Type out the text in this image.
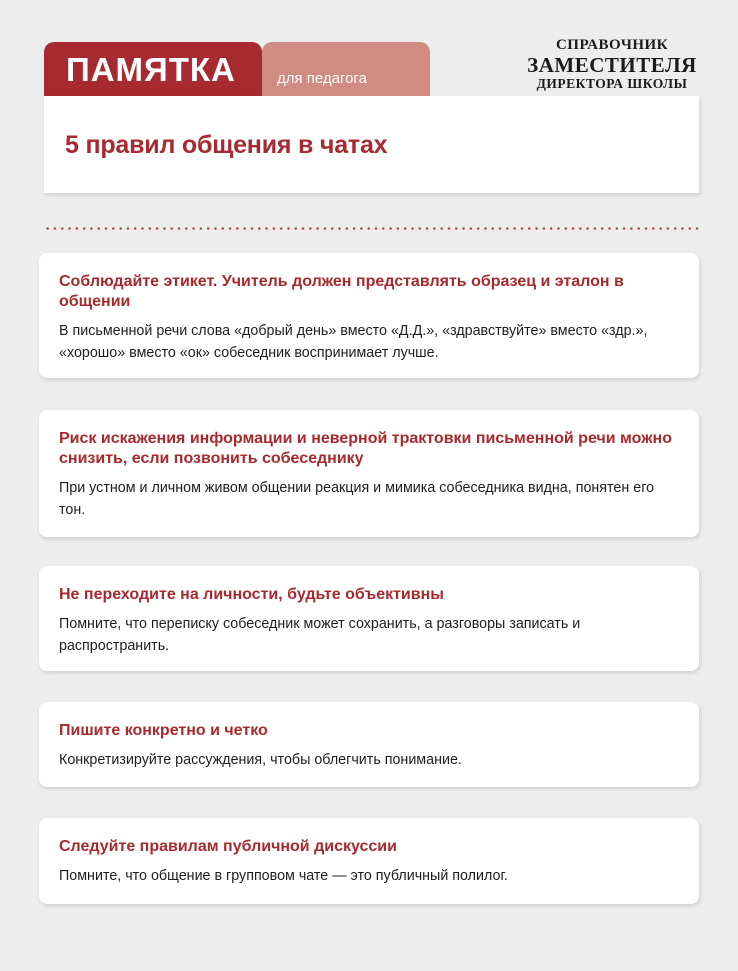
ПАМЯТКА	для педагога
СПРАВОЧНИК
ЗАМЕСТИТЕЛЯ
ДИРЕКТОРА ШКОЛЫ
5 правил общения в чатах
Соблюдайте этикет. Учитель должен представлять образец и эталон в общении
В письменной речи слова «добрый день» вместо «Д.Д.», «здравствуйте» вместо «здр.», «хорошо» вместо «ок» собеседник воспринимает лучше.
Риск искажения информации и неверной трактовки письменной речи можно снизить, если позвонить собеседнику
При устном и личном живом общении реакция и мимика собеседника видна, понятен его тон.
Не переходите на личности, будьте объективны
Помните, что переписку собеседник может сохранить, а разговоры записать и распространить.
Пишите конкретно и четко
Конкретизируйте рассуждения, чтобы облегчить понимание.
Следуйте правилам публичной дискуссии
Помните, что общение в групповом чате — это публичный полилог.
